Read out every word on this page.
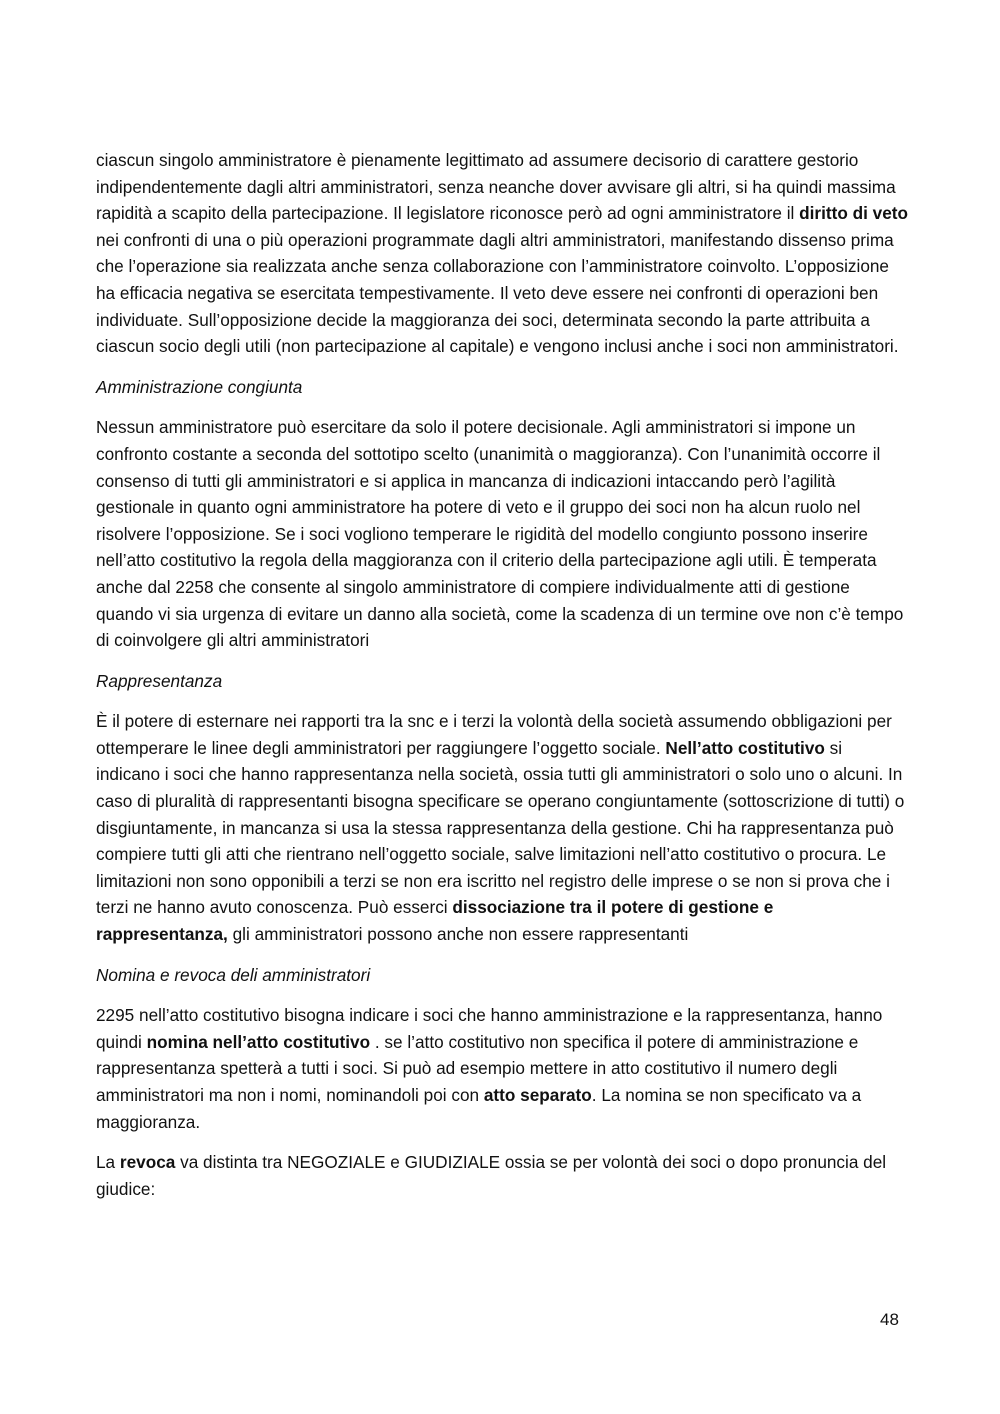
ciascun singolo amministratore è pienamente legittimato ad assumere decisorio di carattere gestorio indipendentemente dagli altri amministratori, senza neanche dover avvisare gli altri, si ha quindi massima rapidità a scapito della partecipazione. Il legislatore riconosce però ad ogni amministratore il diritto di veto nei confronti di una o più operazioni programmate dagli altri amministratori, manifestando dissenso prima che l’operazione sia realizzata anche senza collaborazione con l’amministratore coinvolto. L’opposizione ha efficacia negativa se esercitata tempestivamente. Il veto deve essere nei confronti di operazioni ben individuate. Sull’opposizione decide la maggioranza dei soci, determinata secondo la parte attribuita a ciascun socio degli utili (non partecipazione al capitale) e vengono inclusi anche i soci non amministratori.

Amministrazione congiunta

Nessun amministratore può esercitare da solo il potere decisionale. Agli amministratori si impone un confronto costante a seconda del sottotipo scelto (unanimità o maggioranza). Con l’unanimità occorre il consenso di tutti gli amministratori e si applica in mancanza di indicazioni intaccando però l’agilità gestionale in quanto ogni amministratore ha potere di veto e il gruppo dei soci non ha alcun ruolo nel risolvere l’opposizione. Se i soci vogliono temperare le rigidità del modello congiunto possono inserire nell’atto costitutivo la regola della maggioranza con il criterio della partecipazione agli utili. È temperata anche dal 2258 che consente al singolo amministratore di compiere individualmente atti di gestione quando vi sia urgenza di evitare un danno alla società, come la scadenza di un termine ove non c’è tempo di coinvolgere gli altri amministratori

Rappresentanza

È il potere di esternare nei rapporti tra la snc e i terzi la volontà della società assumendo obbligazioni per ottemperare le linee degli amministratori per raggiungere l’oggetto sociale. Nell’atto costitutivo si indicano i soci che hanno rappresentanza nella società, ossia tutti gli amministratori o solo uno o alcuni. In caso di pluralità di rappresentanti bisogna specificare se operano congiuntamente (sottoscrizione di tutti) o disgiuntamente, in mancanza si usa la stessa rappresentanza della gestione. Chi ha rappresentanza può compiere tutti gli atti che rientrano nell’oggetto sociale, salve limitazioni nell’atto costitutivo o procura. Le limitazioni non sono opponibili a terzi se non era iscritto nel registro delle imprese o se non si prova che i terzi ne hanno avuto conoscenza. Può esserci dissociazione tra il potere di gestione e rappresentanza, gli amministratori possono anche non essere rappresentanti

Nomina e revoca deli amministratori

2295 nell’atto costitutivo bisogna indicare i soci che hanno amministrazione e la rappresentanza, hanno quindi nomina nell’atto costitutivo . se l’atto costitutivo non specifica il potere di amministrazione e rappresentanza spetterà a tutti i soci. Si può ad esempio mettere in atto costitutivo il numero degli amministratori ma non i nomi, nominandoli poi con atto separato. La nomina se non specificato va a maggioranza.

La revoca va distinta tra NEGOZIALE e GIUDIZIALE ossia se per volontà dei soci o dopo pronuncia del giudice:

48
